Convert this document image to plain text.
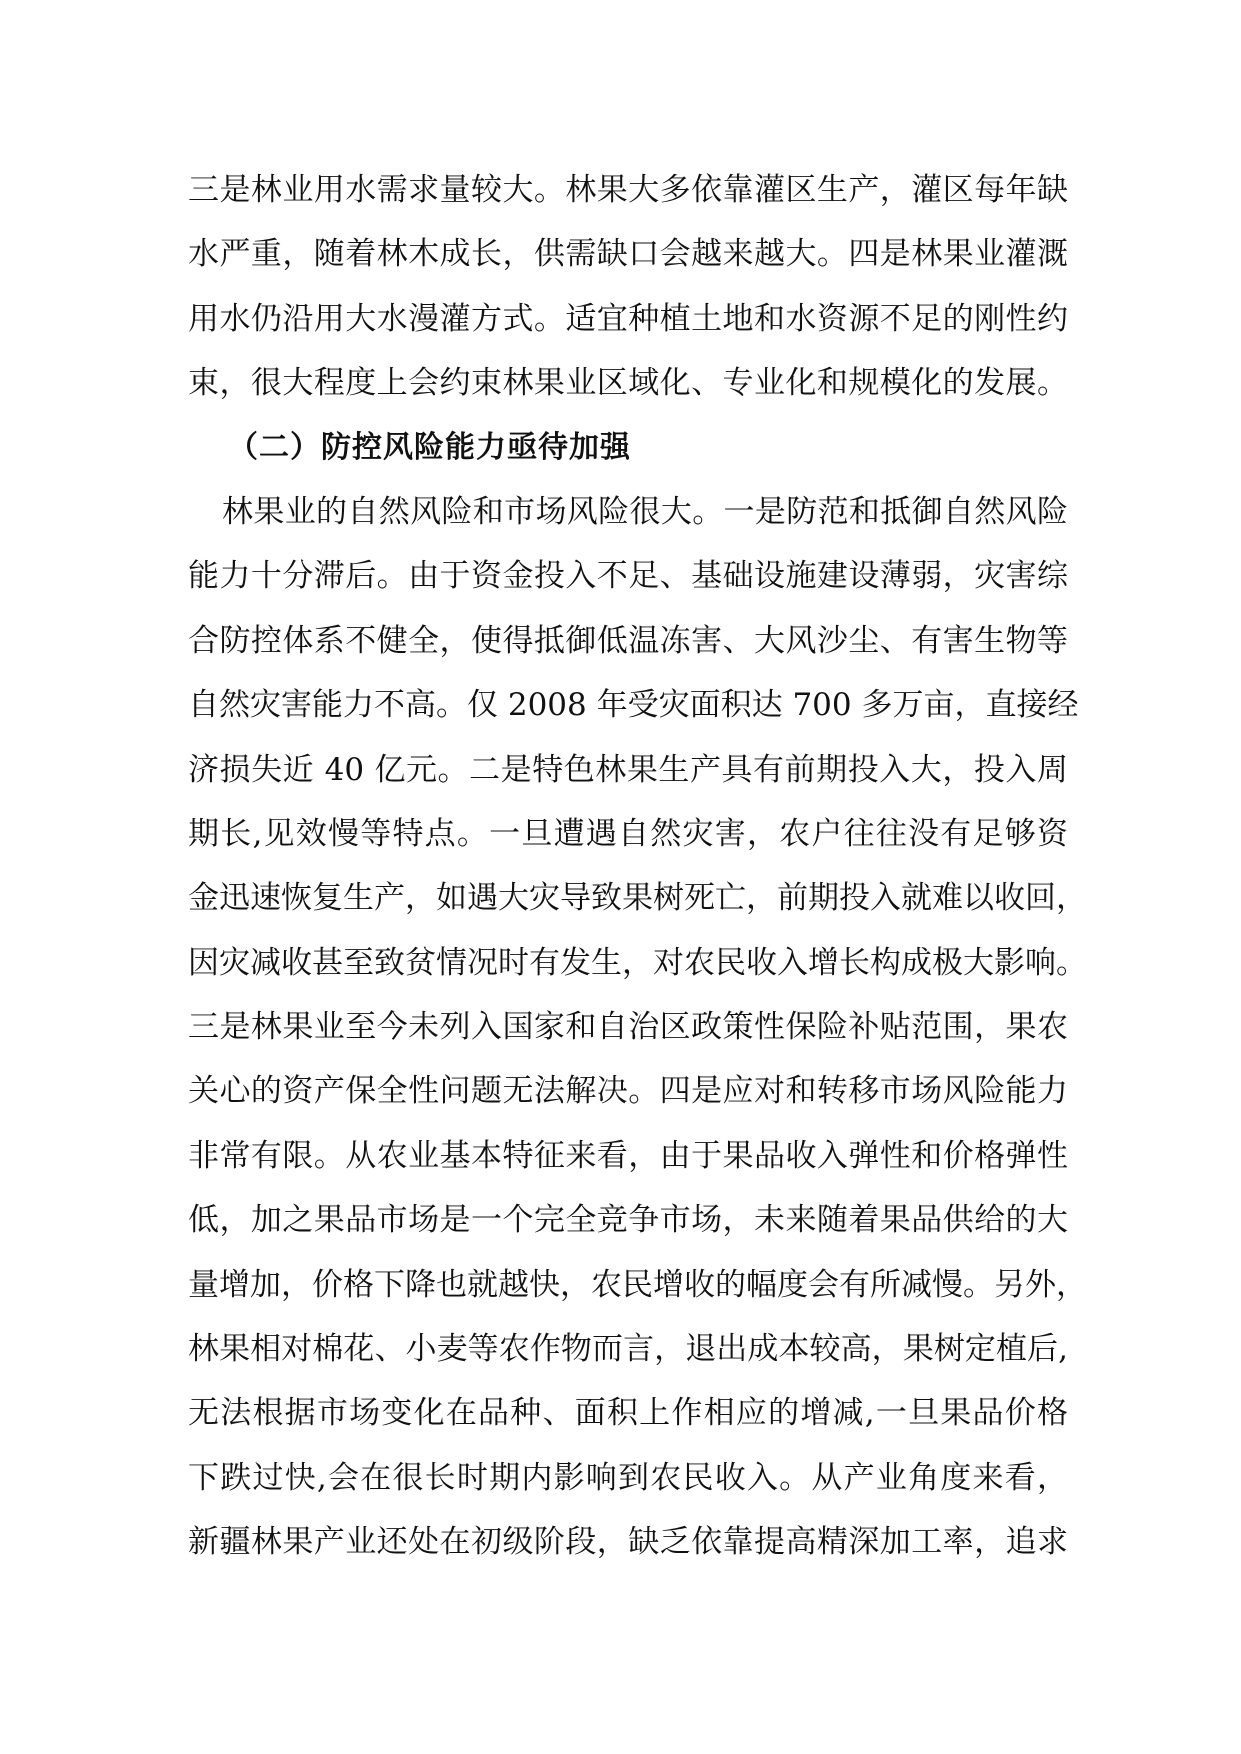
三是林业用水需求量较大。林果大多依靠灌区生产，灌区每年缺
水严重，随着林木成长，供需缺口会越来越大。四是林果业灌溉
用水仍沿用大水漫灌方式。适宜种植土地和水资源不足的刚性约
束，很大程度上会约束林果业区域化、专业化和规模化的发展。
（二）防控风险能力亟待加强
林果业的自然风险和市场风险很大。一是防范和抵御自然风险
能力十分滞后。由于资金投入不足、基础设施建设薄弱，灾害综
合防控体系不健全，使得抵御低温冻害、大风沙尘、有害生物等
自然灾害能力不高。仅 2008 年受灾面积达 700 多万亩，直接经
济损失近 40 亿元。二是特色林果生产具有前期投入大，投入周
期长,见效慢等特点。一旦遭遇自然灾害，农户往往没有足够资
金迅速恢复生产，如遇大灾导致果树死亡，前期投入就难以收回，
因灾减收甚至致贫情况时有发生，对农民收入增长构成极大影响。
三是林果业至今未列入国家和自治区政策性保险补贴范围，果农
关心的资产保全性问题无法解决。四是应对和转移市场风险能力
非常有限。从农业基本特征来看，由于果品收入弹性和价格弹性
低，加之果品市场是一个完全竞争市场，未来随着果品供给的大
量增加，价格下降也就越快，农民增收的幅度会有所减慢。另外，
林果相对棉花、小麦等农作物而言，退出成本较高，果树定植后,
无法根据市场变化在品种、面积上作相应的增减,一旦果品价格
下跌过快,会在很长时期内影响到农民收入。从产业角度来看，
新疆林果产业还处在初级阶段，缺乏依靠提高精深加工率，追求
